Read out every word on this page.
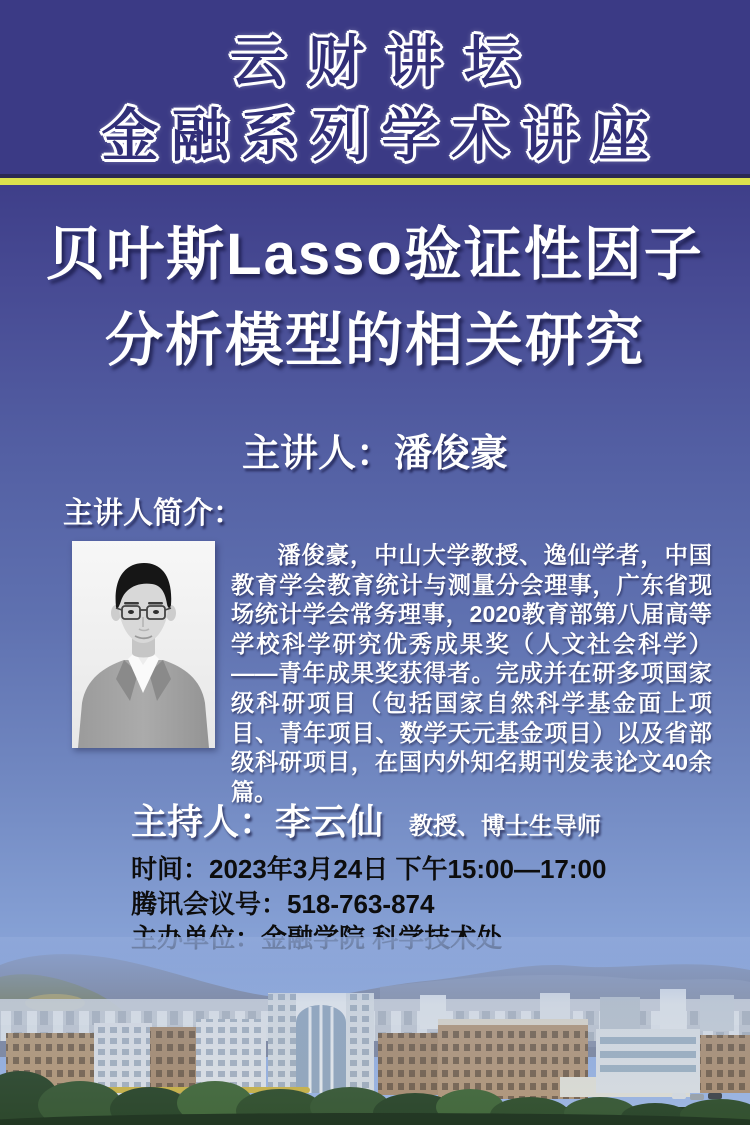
云财讲坛
金融系列学术讲座
贝叶斯Lasso验证性因子
分析模型的相关研究
主讲人：潘俊豪
主讲人简介：
潘俊豪，中山大学教授、逸仙学者，中国教育学会教育统计与测量分会理事，广东省现场统计学会常务理事，2020教育部第八届高等学校科学研究优秀成果奖（人文社会科学）——青年成果奖获得者。完成并在研多项国家级科研项目（包括国家自然科学基金面上项目、青年项目、数学天元基金项目）以及省部级科研项目，在国内外知名期刊发表论文40余篇。
主持人：李云仙 教授、博士生导师
时间：2023年3月24日 下午15:00—17:00
腾讯会议号：518-763-874
